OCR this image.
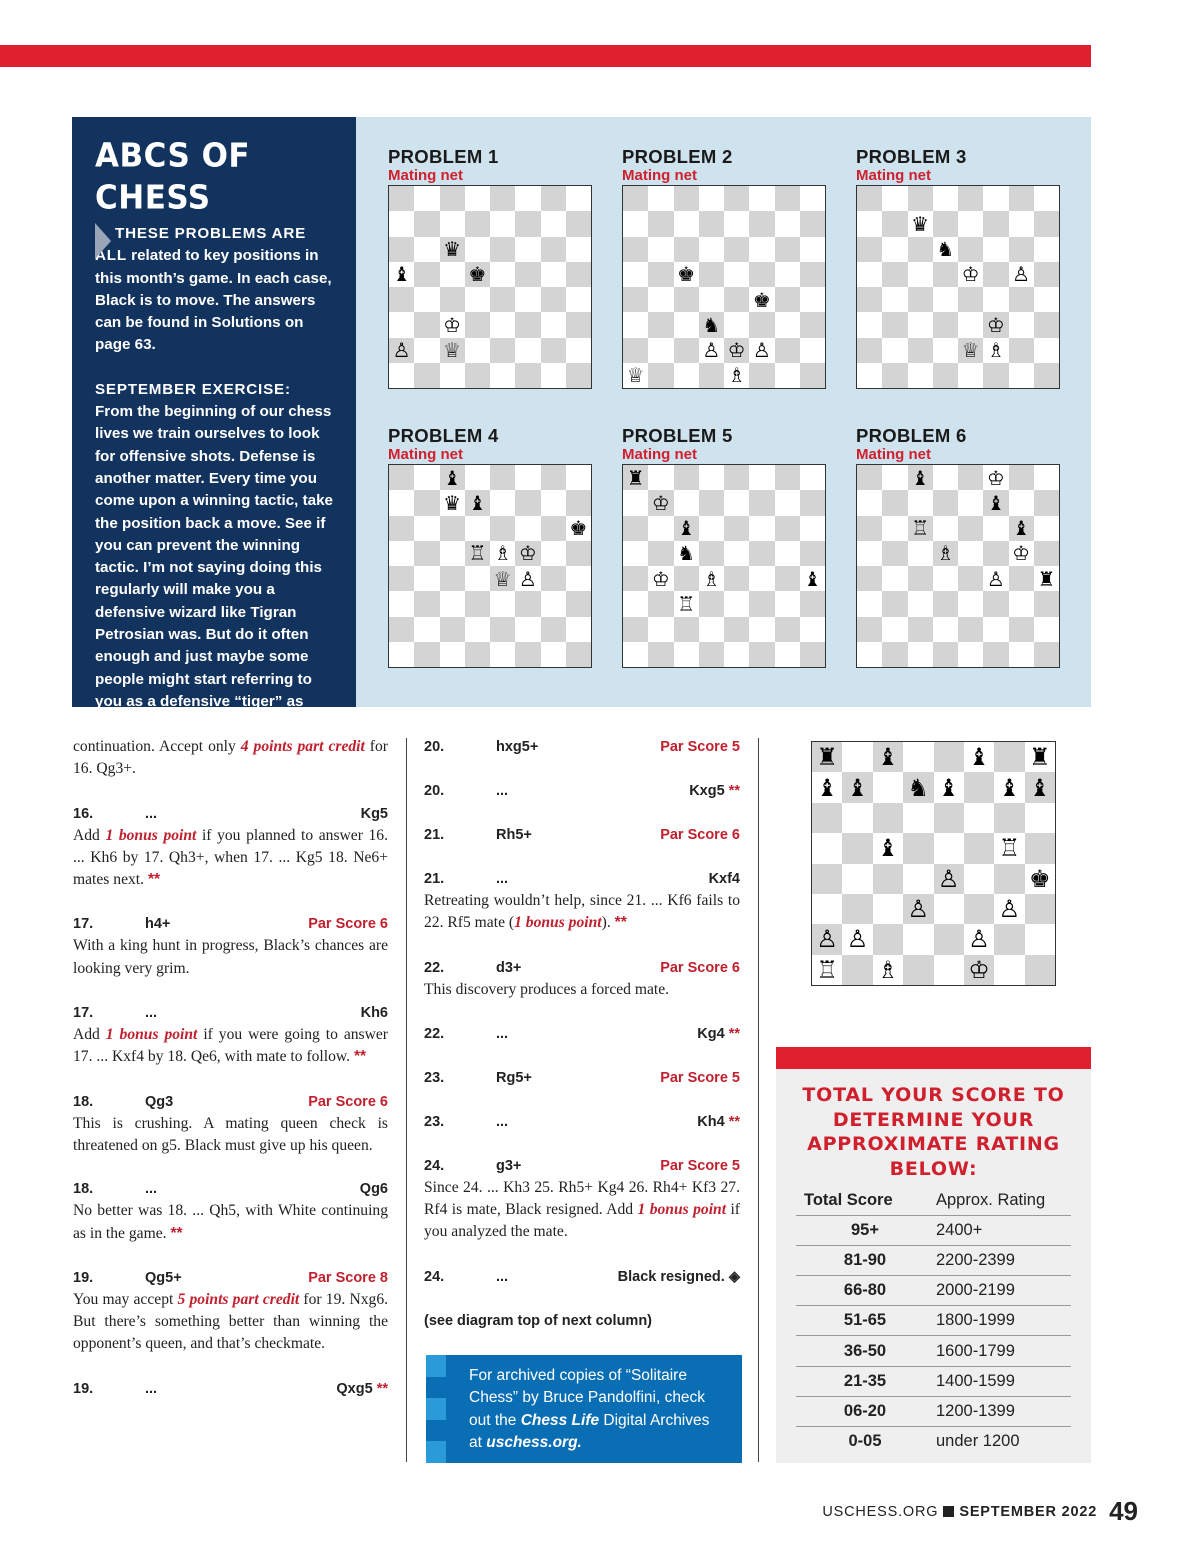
ABCS OF CHESS

THESE PROBLEMS ARE ALL related to key positions in this month’s game. In each case, Black is to move. The answers can be found in Solutions on page 63.

SEPTEMBER EXERCISE:

From the beginning of our chess lives we train ourselves to look for offensive shots. Defense is another matter. Every time you come upon a winning tactic, take the position back a move. See if you can prevent the winning tactic. I’m not saying doing this regularly will make you a defensive wizard like Tigran Petrosian was. But do it often enough and just maybe some people might start referring to you as a defensive “tiger” as well.

PROBLEM 1
Mating net
♛
♝	♚
♔
♙ ♕
PROBLEM 2
Mating net
♚
♚
♞
♙ ♔ ♙
♕	♗
PROBLEM 3
Mating net
♛
♞
♔ ♙
♔
♕ ♗
PROBLEM 4
Mating net
♝
♛ ♝
♚
♖ ♗ ♔
♕ ♙
PROBLEM 5
Mating net
♜
♔
♝
♞
♔ ♗	♝
♖
PROBLEM 6
Mating net
♝	♔
♝
♖	♝
♗	♔
♙ ♜
continuation. Accept only 4 points part credit for 16. Qg3+.
16.	...	Kg5
Add 1 bonus point if you planned to answer 16. ... Kh6 by 17. Qh3+, when 17. ... Kg5 18. Ne6+ mates next. **
17.	h4+	Par Score 6
With a king hunt in progress, Black’s chances are looking very grim.
17.	...	Kh6
Add 1 bonus point if you were going to answer 17. ... Kxf4 by 18. Qe6, with mate to follow. **
18.	Qg3	Par Score 6
This is crushing. A mating queen check is threatened on g5. Black must give up his queen.
18.	...	Qg6
No better was 18. ... Qh5, with White continuing as in the game. **
19.	Qg5+	Par Score 8
You may accept 5 points part credit for 19. Nxg6. But there’s something better than winning the opponent’s queen, and that’s checkmate.
19.	...	Qxg5 **
20.	hxg5+	Par Score 5
20.	...	Kxg5 **
21.	Rh5+	Par Score 6
21.	...	Kxf4
Retreating wouldn’t help, since 21. ... Kf6 fails to 22. Rf5 mate (1 bonus point). **
22.	d3+	Par Score 6
This discovery produces a forced mate.
22.	...	Kg4 **
23.	Rg5+	Par Score 5
23.	...	Kh4 **
24.	g3+	Par Score 5
Since 24. ... Kh3 25. Rh5+ Kg4 26. Rh4+ Kf3 27. Rf4 is mate, Black resigned. Add 1 bonus point if you analyzed the mate.
24.	...	Black resigned. ◈
(see diagram top of next column)
For archived copies of “Solitaire Chess” by Bruce Pandolfini, check out the Chess Life Digital Archives at uschess.org.
♜ ♝	♝ ♜
♝ ♝ ♞ ♝ ♝ ♝
♝	♖
♙	♚
♙	♙
♙ ♙	♙
♖ ♗	♔
TOTAL YOUR SCORE TO DETERMINE YOUR APPROXIMATE RATING BELOW:
Total Score	Approx. Rating
95+	2400+
81-90	2200-2399
66-80	2000-2199
51-65	1800-1999
36-50	1600-1799
21-35	1400-1599
06-20	1200-1399
0-05	under 1200
USCHESS.ORG SEPTEMBER 2022 49
